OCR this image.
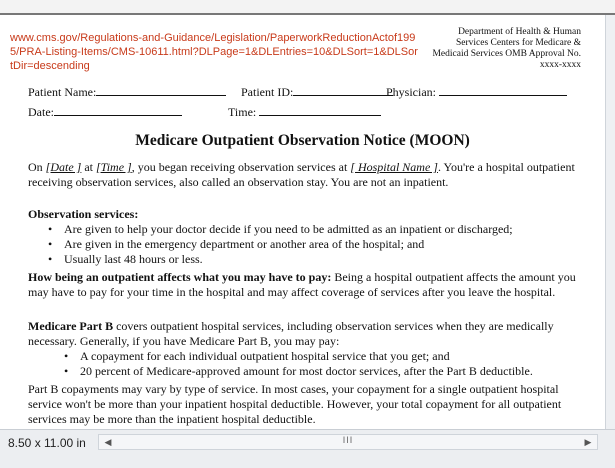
www.cms.gov/Regulations-and-Guidance/Legislation/PaperworkReductionActof1995/PRA-Listing-Items/CMS-10611.html?DLPage=1&DLEntries=10&DLSort=1&DLSortDir=descending
Department of Health & Human
Services Centers for Medicare &
Medicaid Services OMB Approval No.
xxxx-xxxx
Patient Name:	Patient ID:	Physician:
Date:	Time:
Medicare Outpatient Observation Notice (MOON)

On [Date ] at [Time ], you began receiving observation services at [ Hospital Name ]. You're a hospital outpatient receiving observation services, also called an observation stay. You are not an inpatient.

Observation services:

• Are given to help your doctor decide if you need to be admitted as an inpatient or discharged;
• Are given in the emergency department or another area of the hospital; and
• Usually last 48 hours or less.

How being an outpatient affects what you may have to pay: Being a hospital outpatient affects the amount you may have to pay for your time in the hospital and may affect coverage of services after you leave the hospital.

Medicare Part B covers outpatient hospital services, including observation services when they are medically necessary. Generally, if you have Medicare Part B, you may pay:

• A copayment for each individual outpatient hospital service that you get; and
• 20 percent of Medicare-approved amount for most doctor services, after the Part B deductible.

Part B copayments may vary by type of service. In most cases, your copayment for a single outpatient hospital service won't be more than your inpatient hospital deductible. However, your total copayment for all outpatient services may be more than the inpatient hospital deductible.

8.50 x 11.00 in	◀	III	▶
